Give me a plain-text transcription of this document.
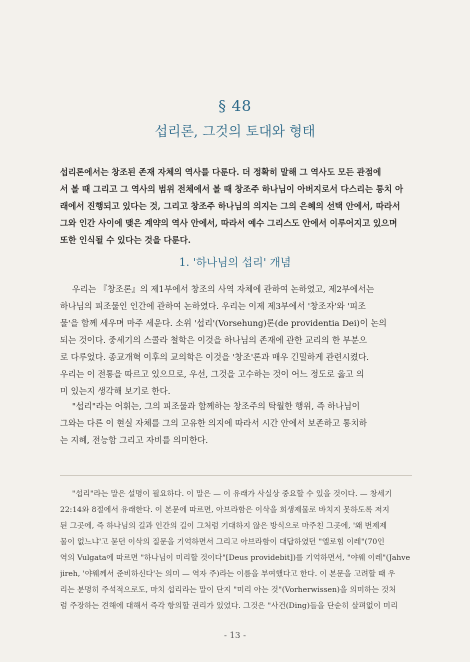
§ 48
섭리론, 그것의 토대와 형태
섭리론에서는 창조된 존재 자체의 역사를 다룬다. 더 정확히 말해 그 역사도 모든 관점에
서 볼 때 그리고 그 역사의 범위 전체에서 볼 때 창조주 하나님이 아버지로서 다스리는 통치 아
래에서 진행되고 있다는 것, 그리고 창조주 하나님의 의지는 그의 은혜의 선택 안에서, 따라서
그와 인간 사이에 맺은 계약의 역사 안에서, 따라서 예수 그리스도 안에서 이루어지고 있으며
또한 인식될 수 있다는 것을 다룬다.
1. '하나님의 섭리' 개념
우리는 『창조론』의 제1부에서 창조의 사역 자체에 관하여 논하였고, 제2부에서는
하나님의 피조물인 인간에 관하여 논하였다. 우리는 이제 제3부에서 '창조자'와 '피조
물'을 함께 세우며 마주 세운다. 소위 '섭리'(Vorsehung)론(de providentia Dei)이 논의
되는 것이다. 중세기의 스콜라 철학은 이것을 하나님의 존재에 관한 교리의 한 부분으
로 다루었다. 종교개혁 이후의 교의학은 이것을 '창조'론과 매우 긴밀하게 관련시켰다.
우리는 이 전통을 따르고 있으므로, 우선, 그것을 고수하는 것이 어느 정도로 옳고 의
미 있는지 생각해 보기로 한다.
"섭리"라는 어휘는, 그의 피조물과 함께하는 창조주의 탁월한 행위, 즉 하나님이
그와는 다른 이 현실 자체를 그의 고유한 의지에 따라서 시간 안에서 보존하고 통치하
는 지혜, 전능함 그리고 자비를 의미한다.
"섭리"라는 말은 설명이 필요하다. 이 말은 — 이 유래가 사실상 중요할 수 있을 것이다. — 창세기
22:14와 8절에서 유래한다. 이 본문에 따르면, 아브라함은 이삭을 희생제물로 바치지 못하도록 저지
된 그곳에, 즉 하나님의 길과 인간의 길이 그처럼 기대하지 않은 방식으로 마주친 그곳에, '왜 번제제
물이 없느냐'고 묻던 이삭의 질문을 기억하면서 그리고 아브라함이 대답하였던 "엘로힘 이레"(70인
역의 Vulgata에 따르면 "하나님이 미리할 것이다"[Deus providebit])를 기억하면서, "야웨 이레"(Jahve
jireh, '야웨께서 준비하신다'는 의미 — 역자 주)라는 이름을 부여했다고 한다. 이 본문을 고려할 때 우
리는 분명히 주석적으로도, 마치 섭리라는 말이 단지 "미리 아는 것"(Vorherwissen)을 의미하는 것처
럼 주장하는 견해에 대해서 즉각 항의할 권리가 있었다. 그것은 "사건(Ding)들을 단순히 살펴없이 미리
- 13 -
